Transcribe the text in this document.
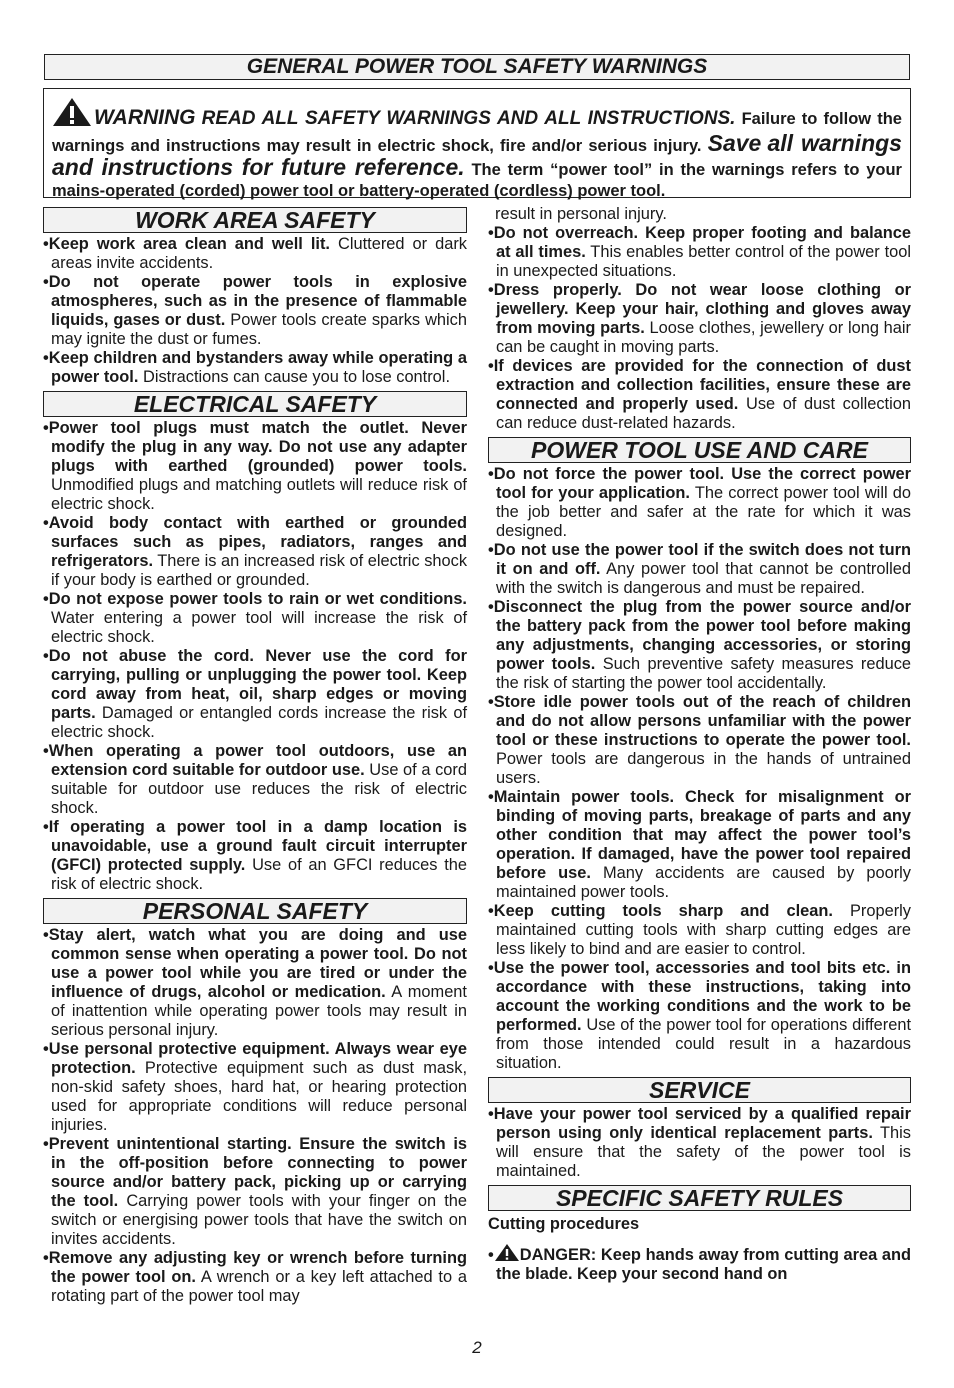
GENERAL POWER TOOL SAFETY WARNINGS
WARNING READ ALL SAFETY WARNINGS AND ALL INSTRUCTIONS. Failure to follow the warnings and instructions may result in electric shock, fire and/or serious injury. Save all warnings and instructions for future reference. The term “power tool” in the warnings refers to your mains-operated (corded) power tool or battery-operated (cordless) power tool.
WORK AREA SAFETY
•Keep work area clean and well lit. Cluttered or dark areas invite accidents.
•Do not operate power tools in explosive atmospheres, such as in the presence of flammable liquids, gases or dust. Power tools create sparks which may ignite the dust or fumes.
•Keep children and bystanders away while operating a power tool. Distractions can cause you to lose control.
ELECTRICAL SAFETY
•Power tool plugs must match the outlet. Never modify the plug in any way. Do not use any adapter plugs with earthed (grounded) power tools. Unmodified plugs and matching outlets will reduce risk of electric shock.
•Avoid body contact with earthed or grounded surfaces such as pipes, radiators, ranges and refrigerators. There is an increased risk of electric shock if your body is earthed or grounded.
•Do not expose power tools to rain or wet conditions. Water entering a power tool will increase the risk of electric shock.
•Do not abuse the cord. Never use the cord for carrying, pulling or unplugging the power tool. Keep cord away from heat, oil, sharp edges or moving parts. Damaged or entangled cords increase the risk of electric shock.
•When operating a power tool outdoors, use an extension cord suitable for outdoor use. Use of a cord suitable for outdoor use reduces the risk of electric shock.
•If operating a power tool in a damp location is unavoidable, use a ground fault circuit interrupter (GFCI) protected supply. Use of an GFCI reduces the risk of electric shock.
PERSONAL SAFETY
•Stay alert, watch what you are doing and use common sense when operating a power tool. Do not use a power tool while you are tired or under the influence of drugs, alcohol or medication. A moment of inattention while operating power tools may result in serious personal injury.
•Use personal protective equipment. Always wear eye protection. Protective equipment such as dust mask, non-skid safety shoes, hard hat, or hearing protection used for appropriate conditions will reduce personal injuries.
•Prevent unintentional starting. Ensure the switch is in the off-position before connecting to power source and/or battery pack, picking up or carrying the tool. Carrying power tools with your finger on the switch or energising power tools that have the switch on invites accidents.
•Remove any adjusting key or wrench before turning the power tool on. A wrench or a key left attached to a rotating part of the power tool may

result in personal injury.

•Do not overreach. Keep proper footing and balance at all times. This enables better control of the power tool in unexpected situations.
•Dress properly. Do not wear loose clothing or jewellery. Keep your hair, clothing and gloves away from moving parts. Loose clothes, jewellery or long hair can be caught in moving parts.
•If devices are provided for the connection of dust extraction and collection facilities, ensure these are connected and properly used. Use of dust collection can reduce dust-related hazards.
POWER TOOL USE AND CARE
•Do not force the power tool. Use the correct power tool for your application. The correct power tool will do the job better and safer at the rate for which it was designed.
•Do not use the power tool if the switch does not turn it on and off. Any power tool that cannot be controlled with the switch is dangerous and must be repaired.
•Disconnect the plug from the power source and/or the battery pack from the power tool before making any adjustments, changing accessories, or storing power tools. Such preventive safety measures reduce the risk of starting the power tool accidentally.
•Store idle power tools out of the reach of children and do not allow persons unfamiliar with the power tool or these instructions to operate the power tool. Power tools are dangerous in the hands of untrained users.
•Maintain power tools. Check for misalignment or binding of moving parts, breakage of parts and any other condition that may affect the power tool’s operation. If damaged, have the power tool repaired before use. Many accidents are caused by poorly maintained power tools.
•Keep cutting tools sharp and clean. Properly maintained cutting tools with sharp cutting edges are less likely to bind and are easier to control.
•Use the power tool, accessories and tool bits etc. in accordance with these instructions, taking into account the working conditions and the work to be performed. Use of the power tool for operations different from those intended could result in a hazardous situation.
SERVICE
•Have your power tool serviced by a qualified repair person using only identical replacement parts. This will ensure that the safety of the power tool is maintained.
SPECIFIC SAFETY RULES
Cutting procedures
• DANGER: Keep hands away from cutting area and the blade. Keep your second hand on
2
